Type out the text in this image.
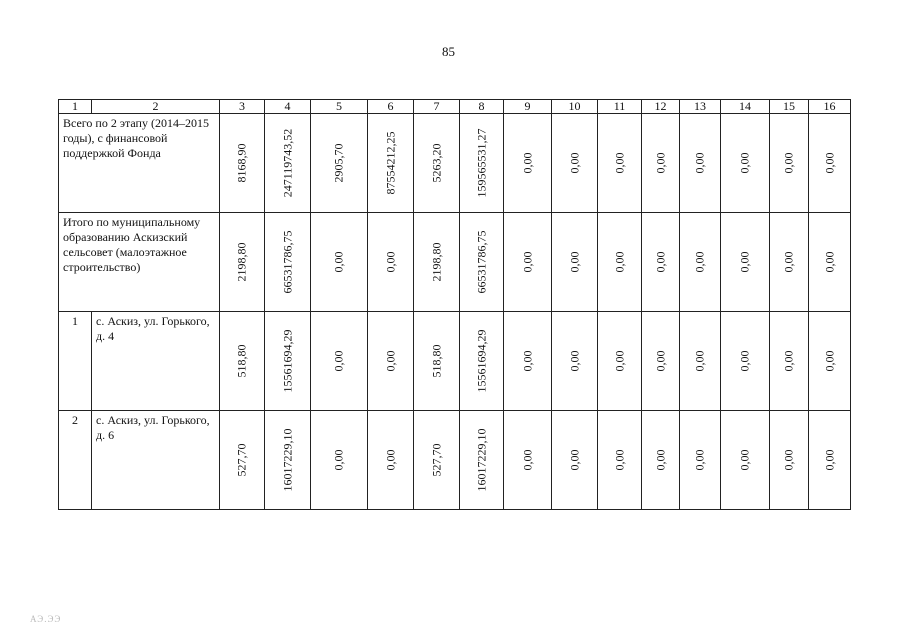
85
1	2	3	4	5	6	7	8	9	10	11	12	13	14	15	16
Всего по 2 этапу (2014–2015 годы), с финансовой поддержкой Фонда		8168,90	247119743,52	2905,70	87554212,25	5263,20	159565531,27	0,00	0,00	0,00	0,00	0,00	0,00	0,00	0,00

Итого по муниципальному образованию Аскизский сельсовет (малоэтажное строительство)		2198,80	66531786,75	0,00	0,00	2198,80	66531786,75	0,00	0,00	0,00	0,00	0,00	0,00	0,00	0,00

1	с. Аскиз, ул. Горького, д. 4	518,80	15561694,29	0,00	0,00	518,80	15561694,29	0,00	0,00	0,00	0,00	0,00	0,00	0,00	0,00

2	с. Аскиз, ул. Горького, д. 6	527,70	16017229,10	0,00	0,00	527,70	16017229,10	0,00	0,00	0,00	0,00	0,00	0,00	0,00	0,00
АЭ.ЭЭ
